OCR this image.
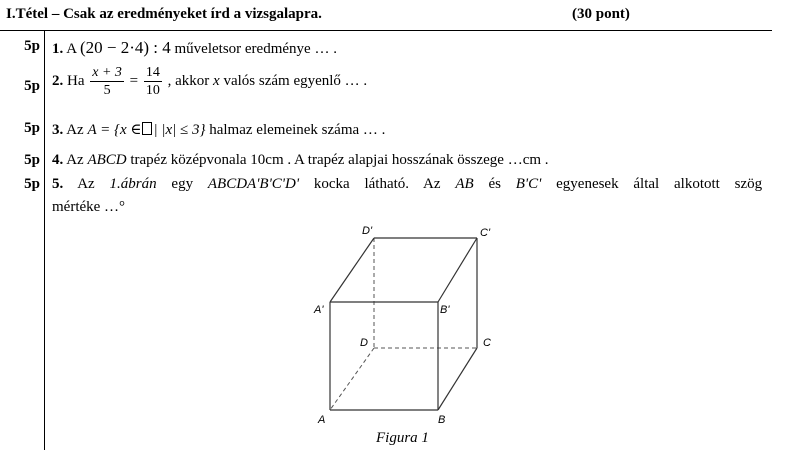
I.Tétel – Csak az eredményeket írd a vizsgalapra.	(30 pont)
5p 1. A (20 − 2·4) : 4 műveletsor eredménye … .
5p 2. Ha $\frac{x + 3}{5} = \frac{14}{10}$ , akkor x valós szám egyenlő … .
5p 3. Az A = {x ∈ | |x| ≤ 3} halmaz elemeinek száma … .
5p 4. Az ABCD trapéz középvonala 10cm . A trapéz alapjai hosszának összege …cm .
5p 5. Az 1.ábrán egy ABCDA'B'C'D' kocka látható. Az AB és B'C' egyenesek által alkotott szög
mértéke …°
D'	C'
A'	B'
D	C
A	B
Figura 1
